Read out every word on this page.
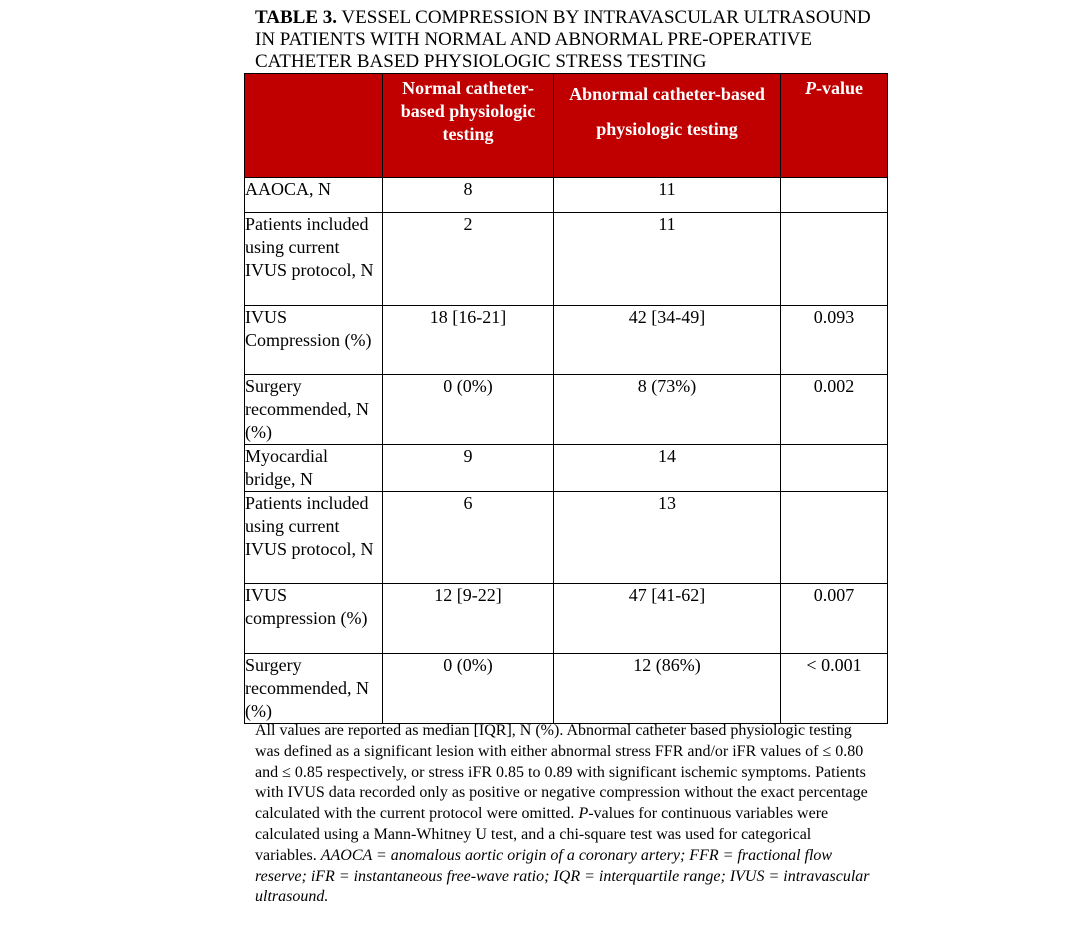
TABLE 3. VESSEL COMPRESSION BY INTRAVASCULAR ULTRASOUND IN PATIENTS WITH NORMAL AND ABNORMAL PRE-OPERATIVE CATHETER BASED PHYSIOLOGIC STRESS TESTING

	Normal catheter-based physiologic testing	Abnormal catheter-based physiologic testing	P-value
AAOCA, N	8	11	
Patients included using current IVUS protocol, N	2	11	
IVUS Compression (%)	18 [16-21]	42 [34-49]	0.093
Surgery recommended, N (%)	0 (0%)	8 (73%)	0.002
Myocardial bridge, N	9	14	
Patients included using current IVUS protocol, N	6	13	
IVUS compression (%)	12 [9-22]	47 [41-62]	0.007
Surgery recommended, N (%)	0 (0%)	12 (86%)	< 0.001

All values are reported as median [IQR], N (%). Abnormal catheter based physiologic testing was defined as a significant lesion with either abnormal stress FFR and/or iFR values of ≤ 0.80 and ≤ 0.85 respectively, or stress iFR 0.85 to 0.89 with significant ischemic symptoms. Patients with IVUS data recorded only as positive or negative compression without the exact percentage calculated with the current protocol were omitted. P-values for continuous variables were calculated using a Mann-Whitney U test, and a chi-square test was used for categorical variables. AAOCA = anomalous aortic origin of a coronary artery; FFR = fractional flow reserve; iFR = instantaneous free-wave ratio; IQR = interquartile range; IVUS = intravascular ultrasound.
